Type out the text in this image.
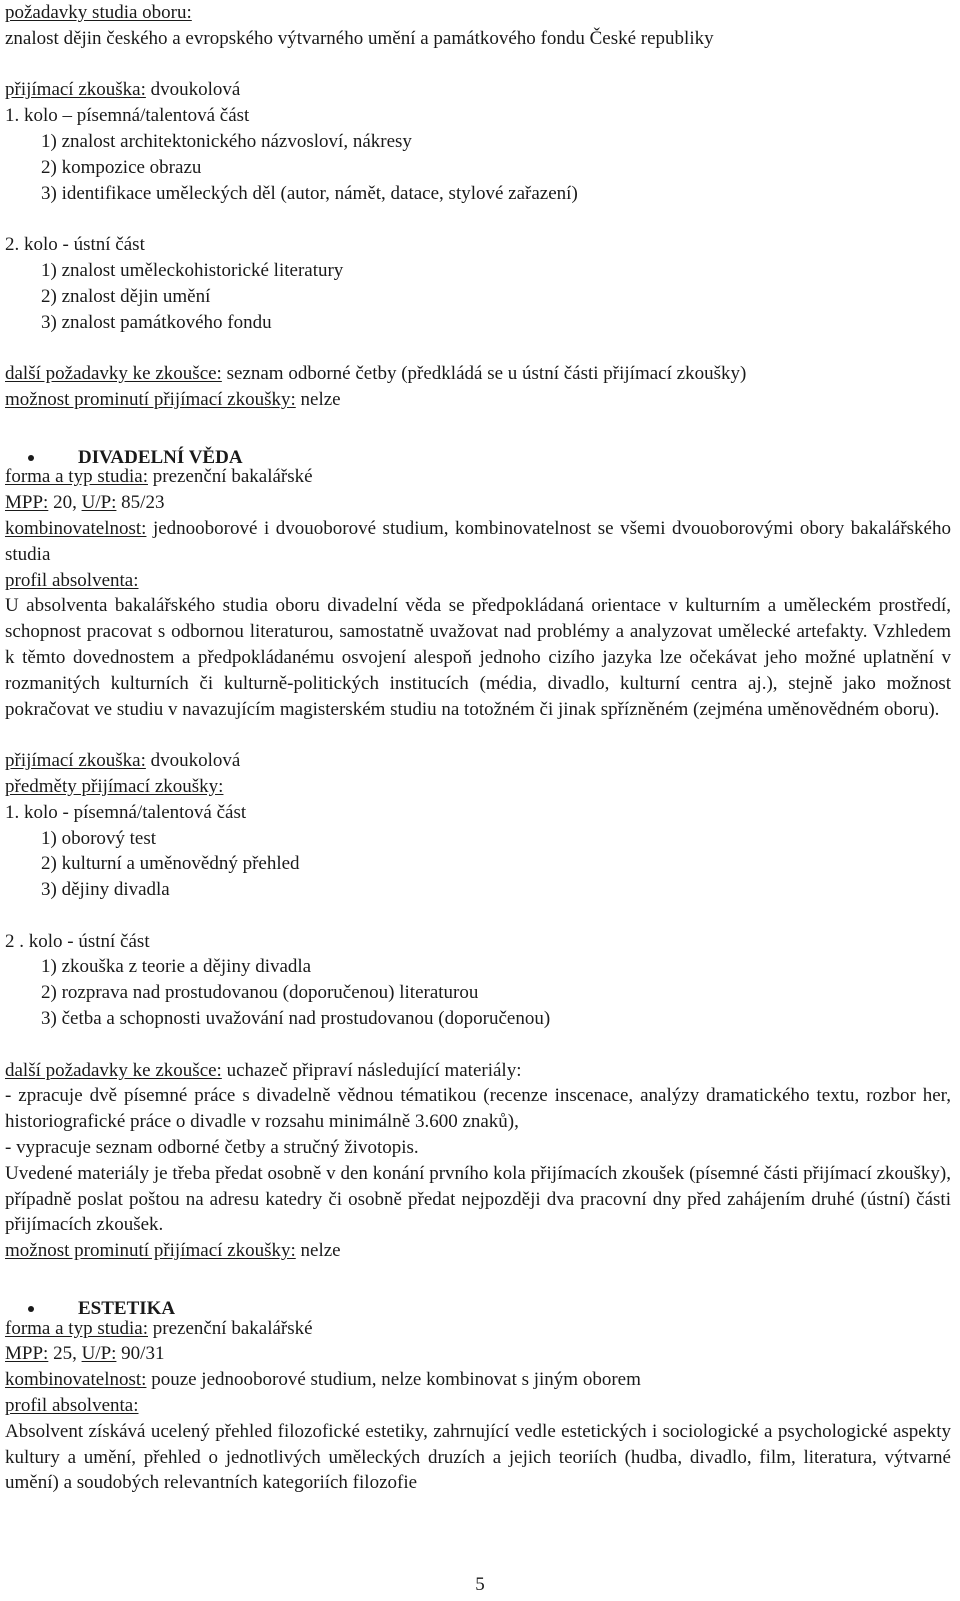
požadavky studia oboru:
znalost dějin českého a evropského výtvarného umění a památkového fondu České republiky
přijímací zkouška: dvoukolová
1. kolo – písemná/talentová část
1) znalost architektonického názvosloví, nákresy
2) kompozice obrazu
3) identifikace uměleckých děl (autor, námět, datace, stylové zařazení)
2. kolo - ústní část
1) znalost uměleckohistorické literatury
2) znalost dějin umění
3) znalost památkového fondu
další požadavky ke zkoušce: seznam odborné četby (předkládá se u ústní části přijímací zkoušky)
možnost prominutí přijímací zkoušky: nelze
DIVADELNÍ VĚDA
forma a typ studia: prezenční bakalářské
MPP: 20, U/P: 85/23
kombinovatelnost: jednooborové i dvouoborové studium, kombinovatelnost se všemi dvouoborovými obory bakalářského studia
profil absolventa:
U absolventa bakalářského studia oboru divadelní věda se předpokládaná orientace v kulturním a uměleckém prostředí, schopnost pracovat s odbornou literaturou, samostatně uvažovat nad problémy a analyzovat umělecké artefakty. Vzhledem k těmto dovednostem a předpokládanému osvojení alespoň jednoho cizího jazyka lze očekávat jeho možné uplatnění v rozmanitých kulturních či kulturně-politických institucích (média, divadlo, kulturní centra aj.), stejně jako možnost pokračovat ve studiu v navazujícím magisterském studiu na totožném či jinak spřízněném (zejména uměnovědném oboru).
přijímací zkouška: dvoukolová
předměty přijímací zkoušky:
1. kolo - písemná/talentová část
1) oborový test
2) kulturní a uměnovědný přehled
3) dějiny divadla
2 . kolo - ústní část
1) zkouška z teorie a dějiny divadla
2) rozprava nad prostudovanou (doporučenou) literaturou
3) četba a schopnosti uvažování nad prostudovanou (doporučenou)
další požadavky ke zkoušce: uchazeč připraví následující materiály:
- zpracuje dvě písemné práce s divadelně vědnou tématikou (recenze inscenace, analýzy dramatického textu, rozbor her, historiografické práce o divadle v rozsahu minimálně 3.600 znaků),
- vypracuje seznam odborné četby a stručný životopis.
Uvedené materiály je třeba předat osobně v den konání prvního kola přijímacích zkoušek (písemné části přijímací zkoušky), případně poslat poštou na adresu katedry či osobně předat nejpozději dva pracovní dny před zahájením druhé (ústní) části přijímacích zkoušek.
možnost prominutí přijímací zkoušky: nelze
ESTETIKA
forma a typ studia: prezenční bakalářské
MPP: 25, U/P: 90/31
kombinovatelnost: pouze jednooborové studium, nelze kombinovat s jiným oborem
profil absolventa:
Absolvent získává ucelený přehled filozofické estetiky, zahrnující vedle estetických i sociologické a psychologické aspekty kultury a umění, přehled o jednotlivých uměleckých druzích a jejich teoriích (hudba, divadlo, film, literatura, výtvarné umění) a soudobých relevantních kategoriích filozofie
5
